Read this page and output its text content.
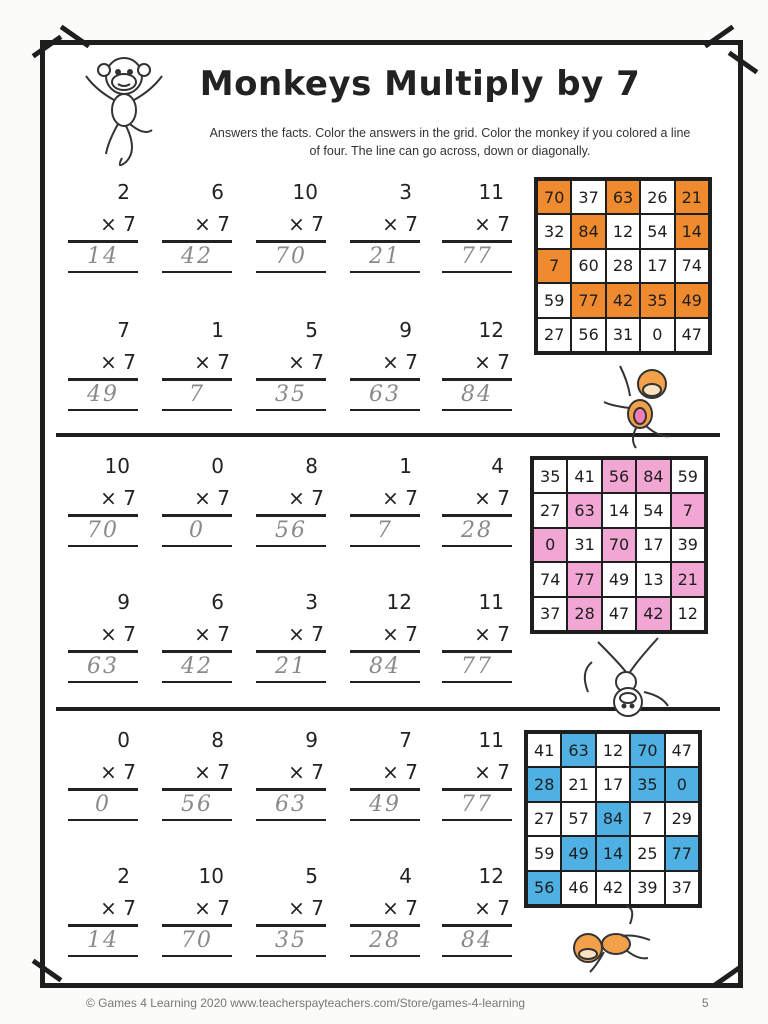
Monkeys Multiply by 7
Answers the facts. Color the answers in the grid. Color the monkey if you colored a line of four. The line can go across, down or diagonally.
2
× 7
14
6
× 7
42
10
× 7
70
3
× 7
21
11
× 7
77
7
× 7
49
1
× 7
7
5
× 7
35
9
× 7
63
12
× 7
84
70 37 63 26 21
32 84 12 54 14
7	60 28 17 74
59 77 42 35 49
27 56 31	0	47
10
× 7
70
0
× 7
0
8
× 7
56
1
× 7
7
4
× 7
28
9
× 7
63
6
× 7
42
3
× 7
21
12
× 7
84
11
× 7
77
35 41 56 84 59
27 63 14 54	7
0	31 70 17 39
74 77 49 13 21
37 28 47 42 12
0
× 7
0
8
× 7
56
9
× 7
63
7
× 7
49
11
× 7
77
2
× 7
14
10
× 7
70
5
× 7
35
4
× 7
28
12
× 7
84
41 63 12 70 47
28 21 17 35	0
27 57 84	7	29
59 49 14 25 77
56 46 42 39 37
© Games 4 Learning 2020 www.teacherspayteachers.com/Store/games-4-learning	5
